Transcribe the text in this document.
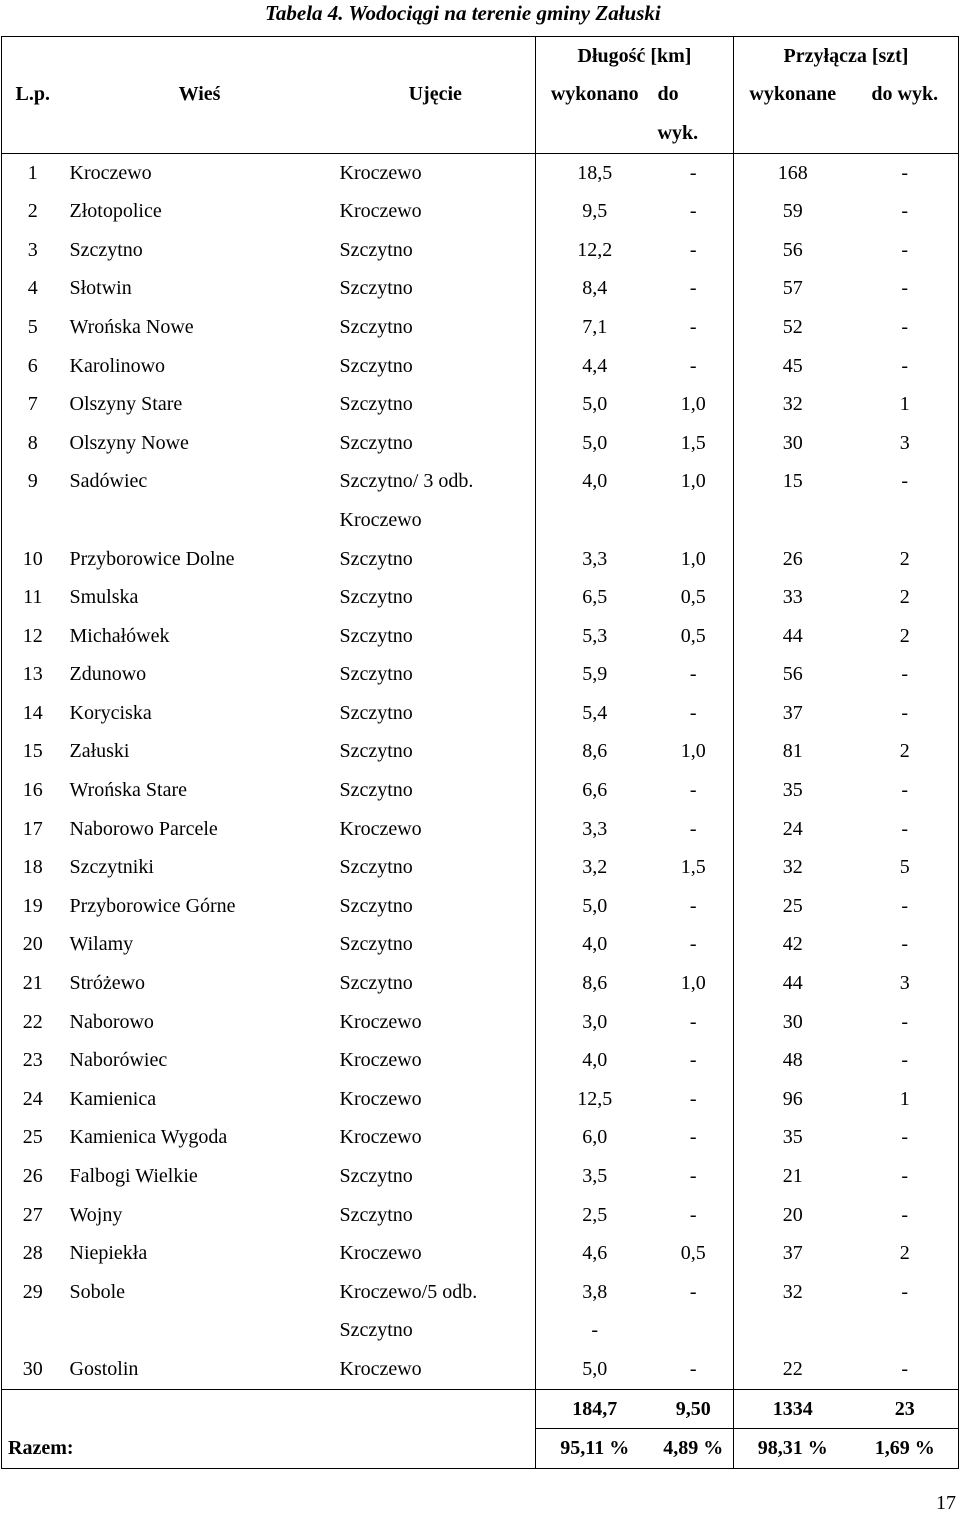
Tabela 4. Wodociągi na terenie gminy Załuski
			Długość [km]		Przyłącza [szt]	
L.p.	Wieś	Ujęcie	wykonano	do	wykonane	do wyk.
				wyk.		
1	Kroczewo	Kroczewo	18,5	-	168	-
2	Złotopolice	Kroczewo	9,5	-	59	-
3	Szczytno	Szczytno	12,2	-	56	-
4	Słotwin	Szczytno	8,4	-	57	-
5	Wrońska Nowe	Szczytno	7,1	-	52	-
6	Karolinowo	Szczytno	4,4	-	45	-
7	Olszyny Stare	Szczytno	5,0	1,0	32	1
8	Olszyny Nowe	Szczytno	5,0	1,5	30	3
9	Sadówiec	Szczytno/ 3 odb.	4,0	1,0	15	-
		Kroczewo				
10	Przyborowice Dolne	Szczytno	3,3	1,0	26	2
11	Smulska	Szczytno	6,5	0,5	33	2
12	Michałówek	Szczytno	5,3	0,5	44	2
13	Zdunowo	Szczytno	5,9	-	56	-
14	Koryciska	Szczytno	5,4	-	37	-
15	Załuski	Szczytno	8,6	1,0	81	2
16	Wrońska Stare	Szczytno	6,6	-	35	-
17	Naborowo Parcele	Kroczewo	3,3	-	24	-
18	Szczytniki	Szczytno	3,2	1,5	32	5
19	Przyborowice Górne	Szczytno	5,0	-	25	-
20	Wilamy	Szczytno	4,0	-	42	-
21	Stróżewo	Szczytno	8,6	1,0	44	3
22	Naborowo	Kroczewo	3,0	-	30	-
23	Naborówiec	Kroczewo	4,0	-	48	-
24	Kamienica	Kroczewo	12,5	-	96	1
25	Kamienica Wygoda	Kroczewo	6,0	-	35	-
26	Falbogi Wielkie	Szczytno	3,5	-	21	-
27	Wojny	Szczytno	2,5	-	20	-
28	Niepiekła	Kroczewo	4,6	0,5	37	2
29	Sobole	Kroczewo/5 odb.	3,8	-	32	-
		Szczytno	-			
30	Gostolin	Kroczewo	5,0	-	22	-
			184,7	9,50	1334	23
Razem:			95,11 %	4,89 %	98,31 %	1,69 %
17
